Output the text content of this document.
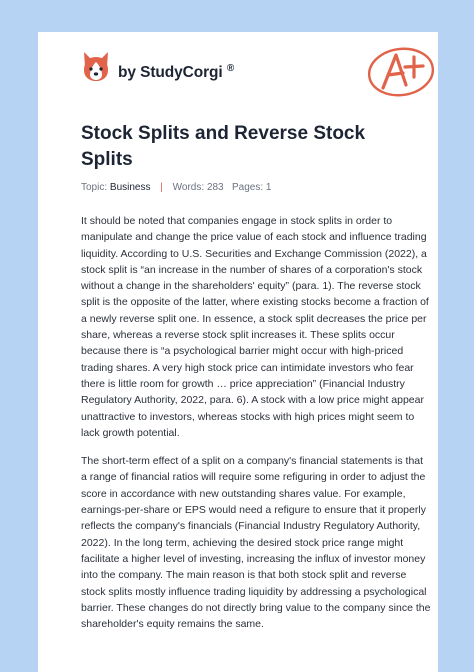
by StudyCorgi ®
Stock Splits and Reverse Stock Splits
Topic: Business | Words: 283 Pages: 1

It should be noted that companies engage in stock splits in order to manipulate and change the price value of each stock and influence trading liquidity. According to U.S. Securities and Exchange Commission (2022), a stock split is “an increase in the number of shares of a corporation's stock without a change in the shareholders' equity” (para. 1). The reverse stock split is the opposite of the latter, where existing stocks become a fraction of a newly reverse split one. In essence, a stock split decreases the price per share, whereas a reverse stock split increases it. These splits occur because there is “a psychological barrier might occur with high-priced trading shares. A very high stock price can intimidate investors who fear there is little room for growth … price appreciation” (Financial Industry Regulatory Authority, 2022, para. 6). A stock with a low price might appear unattractive to investors, whereas stocks with high prices might seem to lack growth potential.

The short-term effect of a split on a company's financial statements is that a range of financial ratios will require some refiguring in order to adjust the score in accordance with new outstanding shares value. For example, earnings-per-share or EPS would need a refigure to ensure that it properly reflects the company's financials (Financial Industry Regulatory Authority, 2022). In the long term, achieving the desired stock price range might facilitate a higher level of investing, increasing the influx of investor money into the company. The main reason is that both stock split and reverse stock splits mostly influence trading liquidity by addressing a psychological barrier. These changes do not directly bring value to the company since the shareholder's equity remains the same.
